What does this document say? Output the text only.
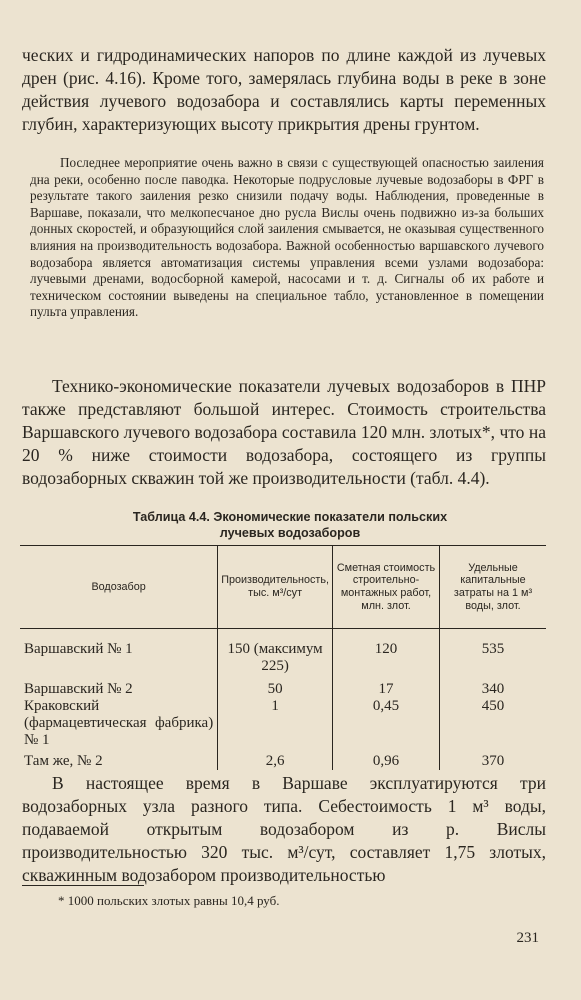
ческих и гидродинамических напоров по длине каждой из лучевых дрен (рис. 4.16). Кроме того, замерялась глубина воды в реке в зоне действия лучевого водозабора и составлялись карты переменных глубин, характеризующих высоту прикрытия дрены грунтом.

Последнее мероприятие очень важно в связи с существующей опасностью заиления дна реки, особенно после паводка. Некоторые подрусловые лучевые водозаборы в ФРГ в результате такого заиления резко снизили подачу воды. Наблюдения, проведенные в Варшаве, показали, что мелкопесчаное дно русла Вислы очень подвижно из-за больших донных скоростей, и образующийся слой заиления смывается, не оказывая существенного влияния на производительность водозабора. Важной особенностью варшавского лучевого водозабора является автоматизация системы управления всеми узлами водозабора: лучевыми дренами, водосборной камерой, насосами и т. д. Сигналы об их работе и техническом состоянии выведены на специальное табло, установленное в помещении пульта управления.

Технико-экономические показатели лучевых водозаборов в ПНР также представляют большой интерес. Стоимость строительства Варшавского лучевого водозабора составила 120 млн. злотых*, что на 20 % ниже стоимости водозабора, состоящего из группы водозаборных скважин той же производительности (табл. 4.4).

Таблица 4.4. Экономические показатели польских
лучевых водозаборов
Водозабор	Производительность, тыс. м³/сут	Сметная стоимость строительно-монтажных работ, млн. злот.	Удельные капитальные затраты на 1 м³ воды, злот.

Варшавский № 1	150 (максимум 225)	120	535
Варшавский № 2	50	17	340
Краковский (фармацевтическая фабрика) № 1	1	0,45	450
Там же, № 2	2,6	0,96	370

В настоящее время в Варшаве эксплуатируются три водозаборных узла разного типа. Себестоимость 1 м³ воды, подаваемой открытым водозабором из р. Вислы производительностью 320 тыс. м³/сут, составляет 1,75 злотых, скважинным водозабором производительностью

* 1000 польских злотых равны 10,4 руб.
231
